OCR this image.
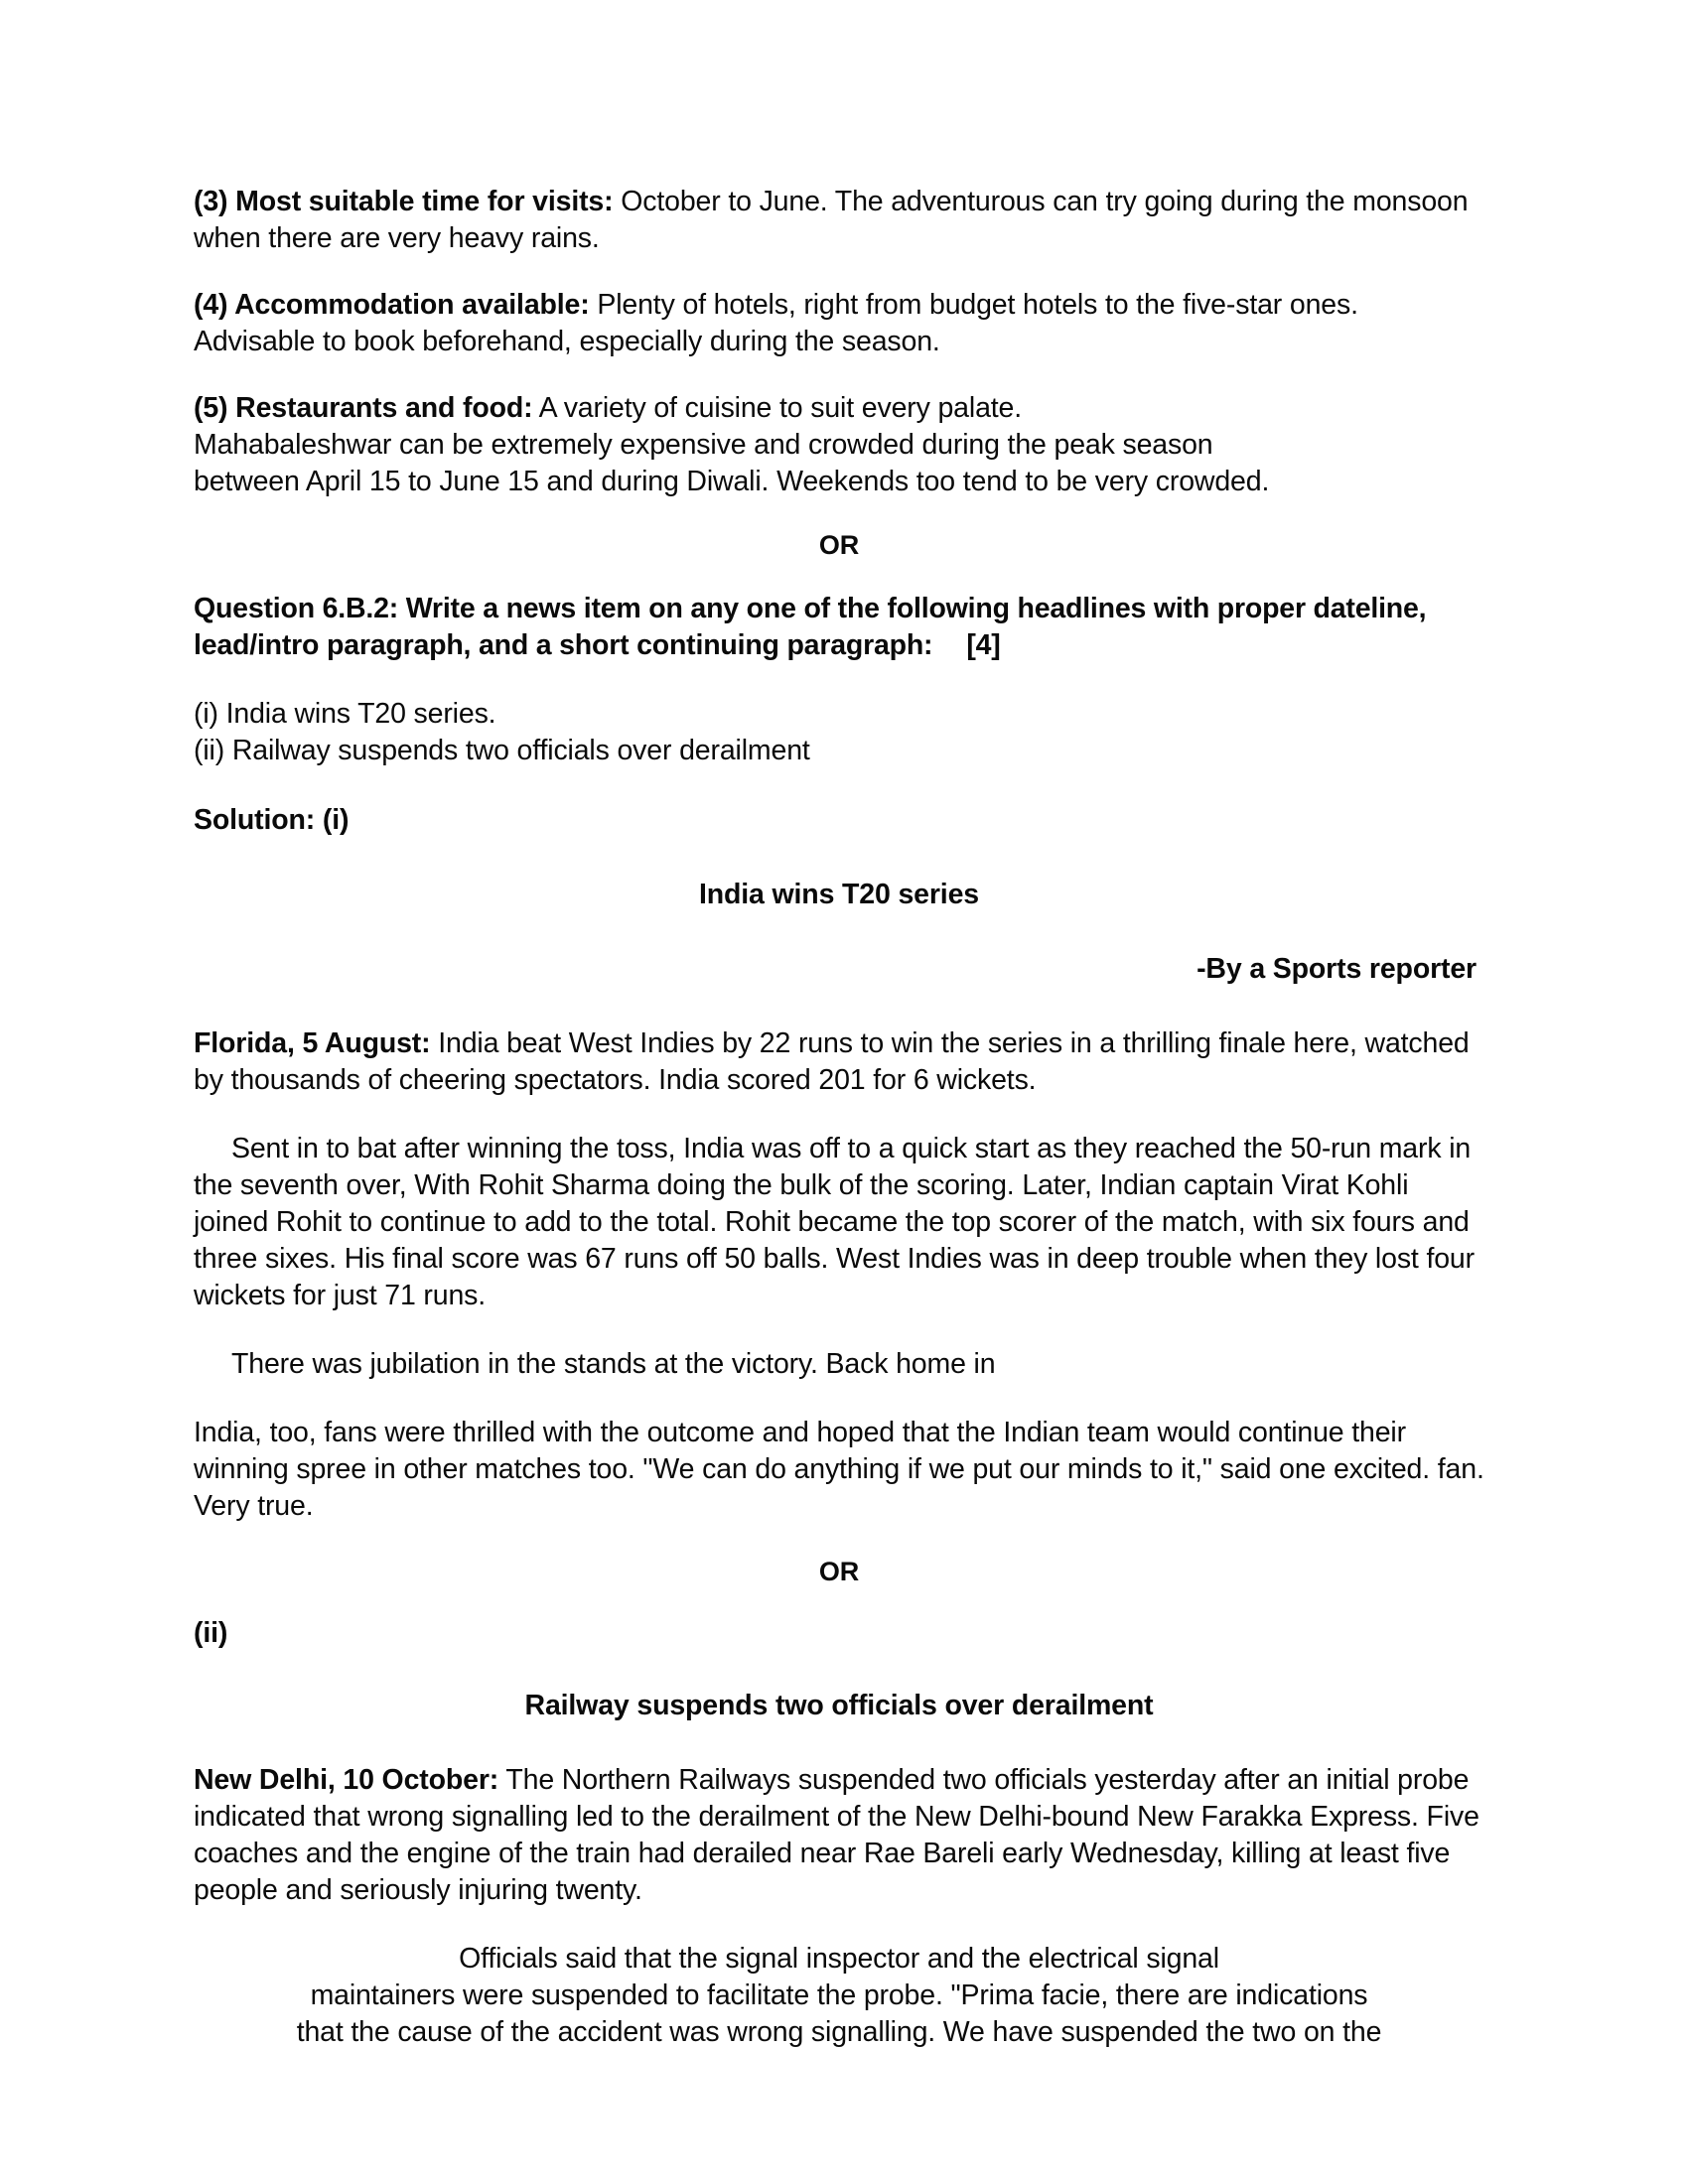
(3) Most suitable time for visits: October to June. The adventurous can try going during the monsoon when there are very heavy rains.

(4) Accommodation available: Plenty of hotels, right from budget hotels to the five-star ones. Advisable to book beforehand, especially during the season.

(5) Restaurants and food: A variety of cuisine to suit every palate.

Mahabaleshwar can be extremely expensive and crowded during the peak season

between April 15 to June 15 and during Diwali. Weekends too tend to be very crowded.

OR

Question 6.B.2: Write a news item on any one of the following headlines with proper dateline, lead/intro paragraph, and a short continuing paragraph: [4]

(i) India wins T20 series.
(ii) Railway suspends two officials over derailment

Solution: (i)

India wins T20 series

-By a Sports reporter

Florida, 5 August: India beat West Indies by 22 runs to win the series in a thrilling finale here, watched by thousands of cheering spectators. India scored 201 for 6 wickets.

Sent in to bat after winning the toss, India was off to a quick start as they reached the 50-run mark in the seventh over, With Rohit Sharma doing the bulk of the scoring. Later, Indian captain Virat Kohli joined Rohit to continue to add to the total. Rohit became the top scorer of the match, with six fours and three sixes. His final score was 67 runs off 50 balls. West Indies was in deep trouble when they lost four wickets for just 71 runs.

There was jubilation in the stands at the victory. Back home in

India, too, fans were thrilled with the outcome and hoped that the Indian team would continue their winning spree in other matches too. "We can do anything if we put our minds to it," said one excited. fan. Very true.

OR

(ii)

Railway suspends two officials over derailment

New Delhi, 10 October: The Northern Railways suspended two officials yesterday after an initial probe indicated that wrong signalling led to the derailment of the New Delhi-bound New Farakka Express. Five coaches and the engine of the train had derailed near Rae Bareli early Wednesday, killing at least five people and seriously injuring twenty.

Officials said that the signal inspector and the electrical signal
maintainers were suspended to facilitate the probe. "Prima facie, there are indications
that the cause of the accident was wrong signalling. We have suspended the two on the
